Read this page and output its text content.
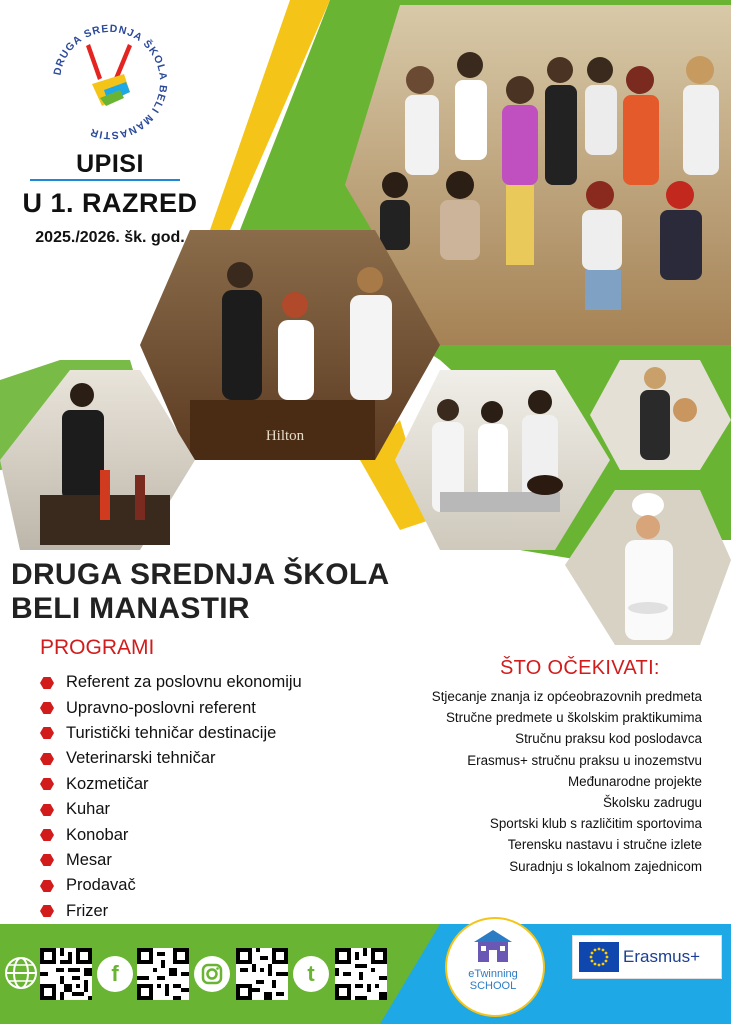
DRUGA SREDNJA ŠKOLA BELI MANASTIR
UPISI
U 1. RAZRED
2025./2026. šk. god.
Hilton
DRUGA SREDNJA ŠKOLA
BELI MANASTIR
PROGRAMI
Referent za poslovnu ekonomiju
Upravno-poslovni referent
Turistički tehničar destinacije
Veterinarski tehničar
Kozmetičar
Kuhar
Konobar
Mesar
Prodavač
Frizer
ŠTO OČEKIVATI:
Stjecanje znanja iz općeobrazovnih predmeta
Stručne predmete u školskim praktikumima
Stručnu praksu kod poslodavca
Erasmus+ stručnu praksu u inozemstvu
Međunarodne projekte
Školsku zadrugu
Sportski klub s različitim sportovima
Terensku nastavu i stručne izlete
Suradnju s lokalnom zajednicom
f	t	eTwinning
SCHOOL
Erasmus+
